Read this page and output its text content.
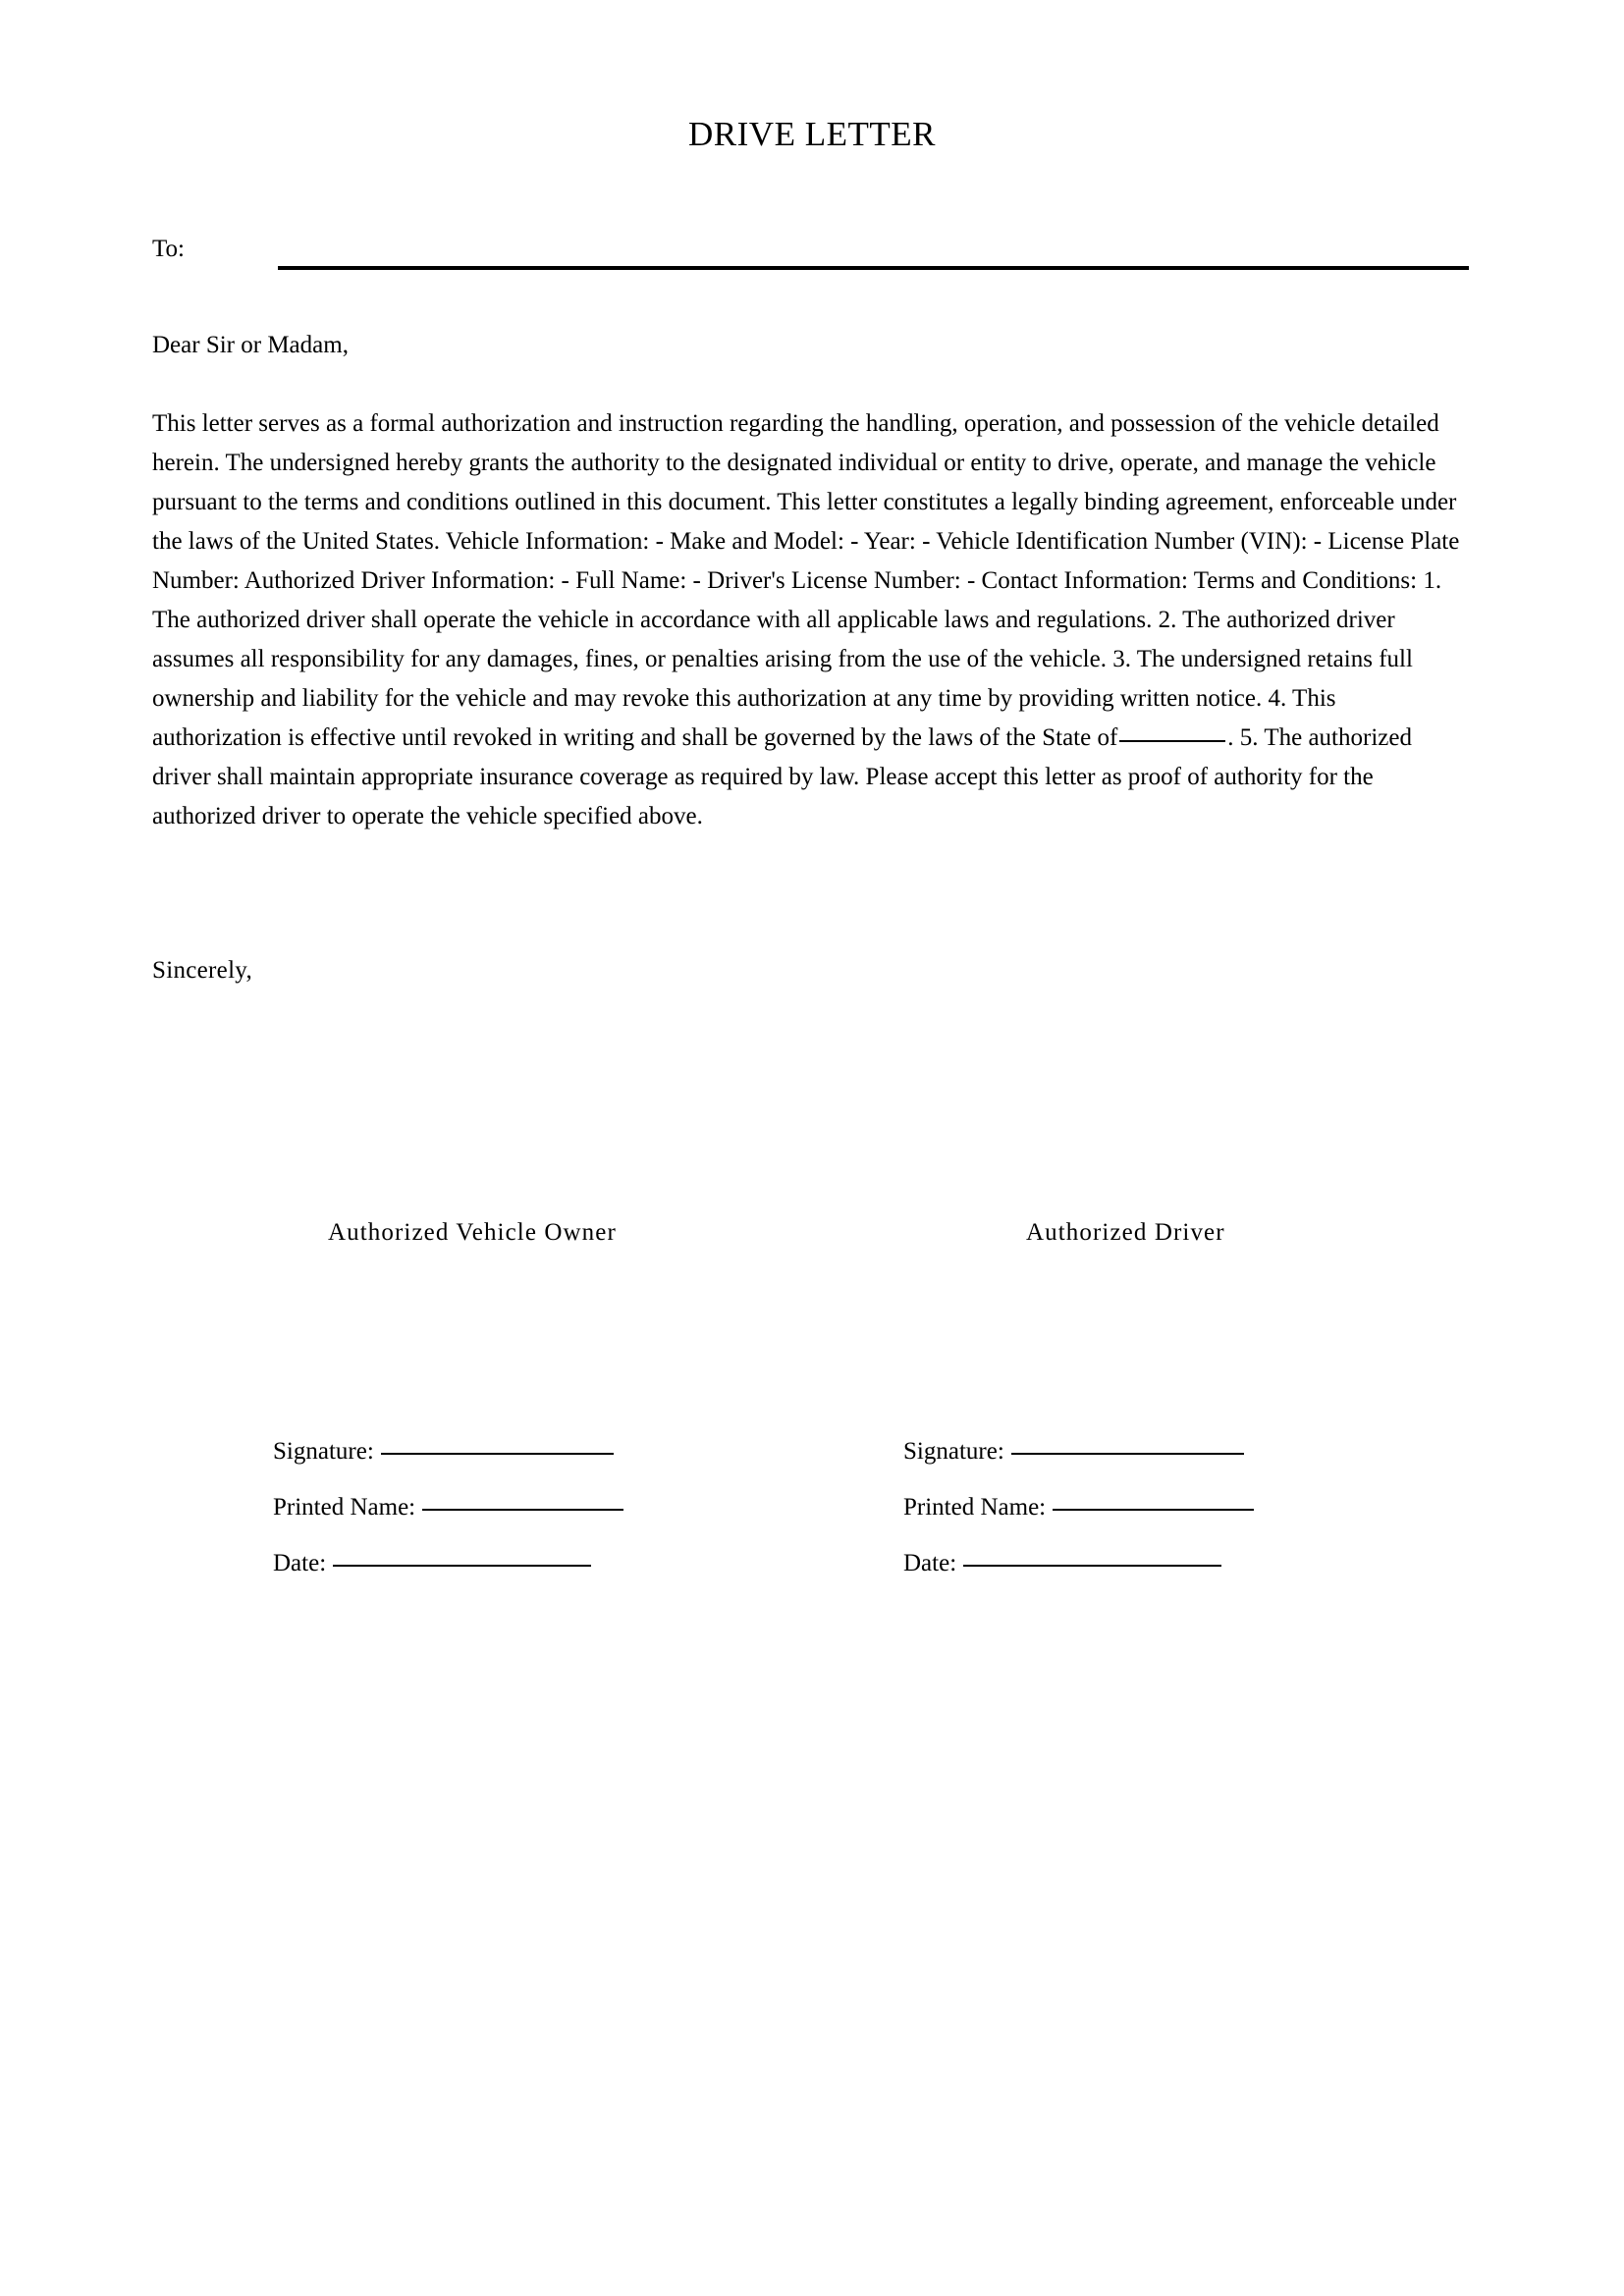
DRIVE LETTER
To:
Dear Sir or Madam,
This letter serves as a formal authorization and instruction regarding the handling, operation, and possession of the vehicle detailed herein. The undersigned hereby grants the authority to the designated individual or entity to drive, operate, and manage the vehicle pursuant to the terms and conditions outlined in this document. This letter constitutes a legally binding agreement, enforceable under the laws of the United States. Vehicle Information: - Make and Model: - Year: - Vehicle Identification Number (VIN): - License Plate Number: Authorized Driver Information: - Full Name: - Driver's License Number: - Contact Information: Terms and Conditions: 1. The authorized driver shall operate the vehicle in accordance with all applicable laws and regulations. 2. The authorized driver assumes all responsibility for any damages, fines, or penalties arising from the use of the vehicle. 3. The undersigned retains full ownership and liability for the vehicle and may revoke this authorization at any time by providing written notice. 4. This authorization is effective until revoked in writing and shall be governed by the laws of the State of	. 5. The authorized driver shall maintain appropriate insurance coverage as required by law. Please accept this letter as proof of authority for the authorized driver to operate the vehicle specified above.
Sincerely,
Authorized Vehicle Owner
Signature:
Printed Name:
Date:
Authorized Driver
Signature:
Printed Name:
Date:
